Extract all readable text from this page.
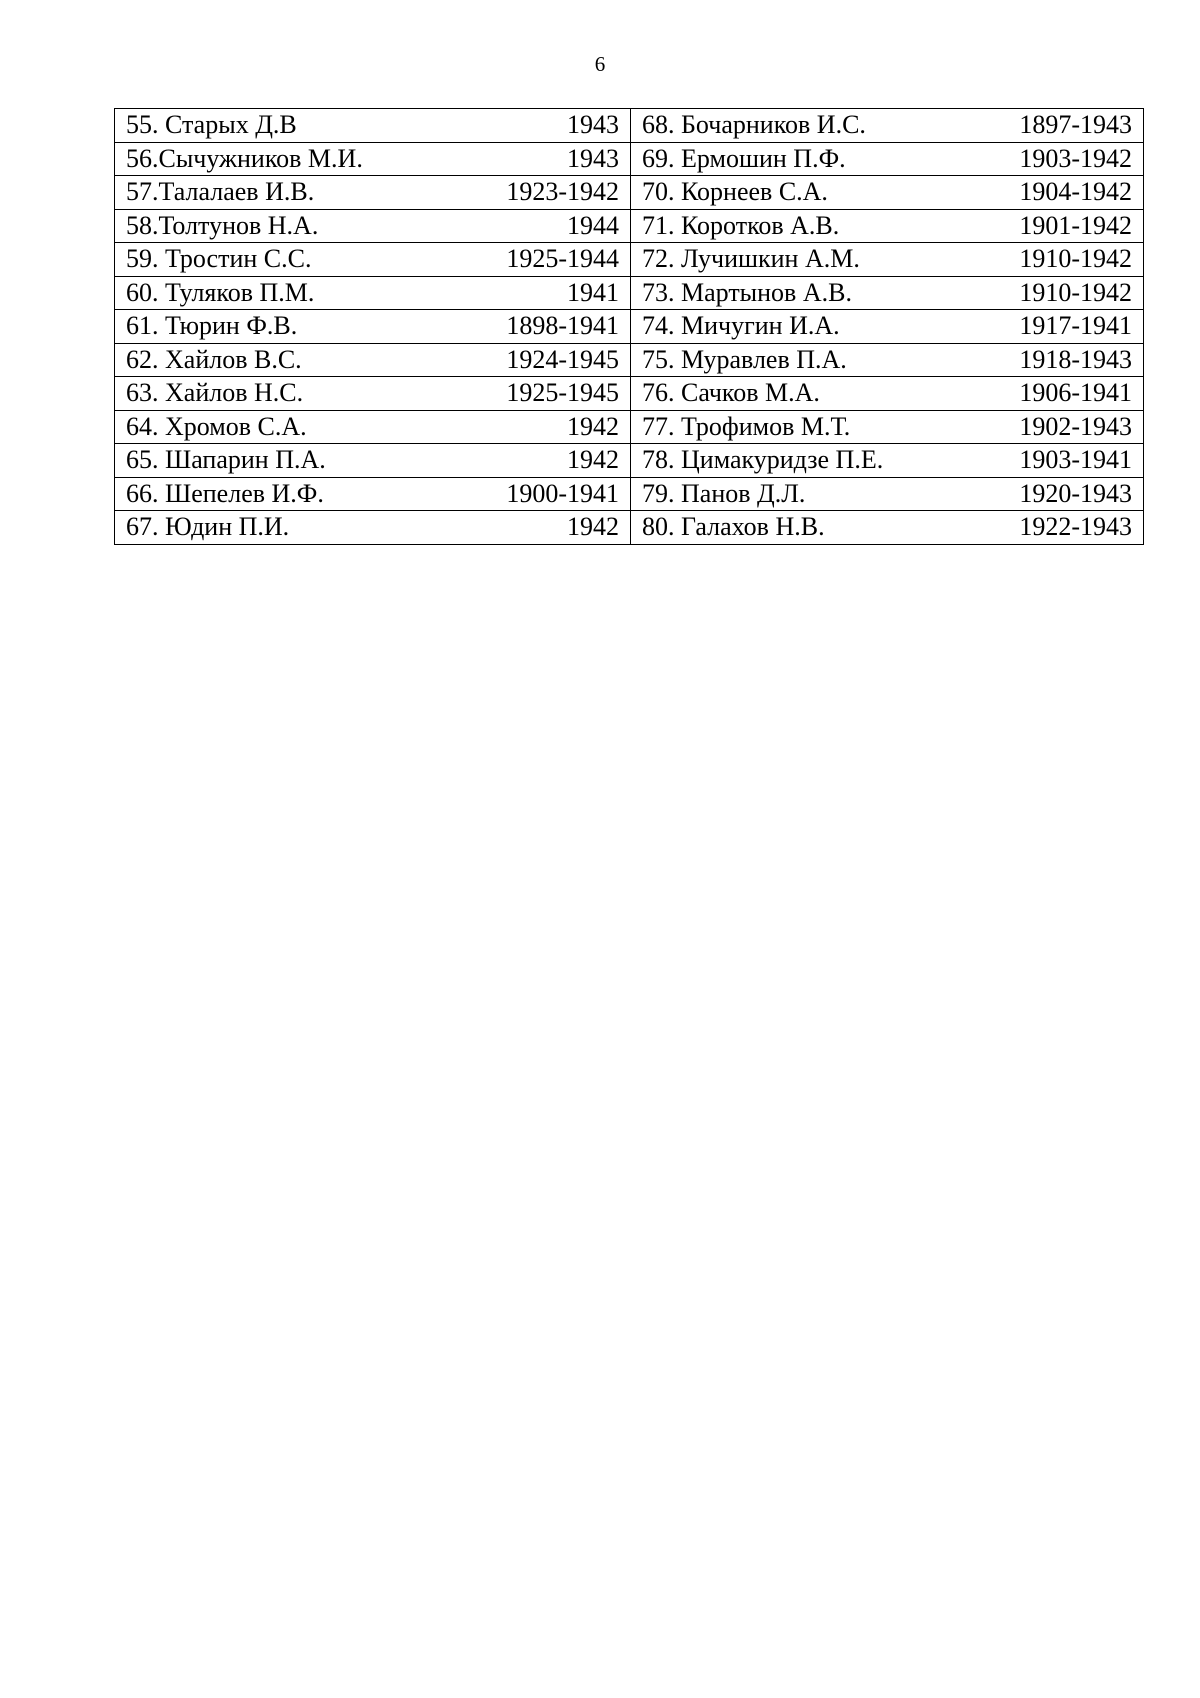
6
55. Старых Д.В 1943	68. Бочарников И.С. 1897-1943

56.Сычужников М.И. 1943	69. Ермошин П.Ф. 1903-1942

57.Талалаев И.В. 1923-1942	70. Корнеев С.А. 1904-1942

58.Толтунов Н.А. 1944	71. Коротков А.В. 1901-1942

59. Тростин С.С. 1925-1944	72. Лучишкин А.М. 1910-1942

60. Туляков П.М. 1941	73. Мартынов А.В. 1910-1942

61. Тюрин Ф.В. 1898-1941	74. Мичугин И.А. 1917-1941

62. Хайлов В.С. 1924-1945	75. Муравлев П.А. 1918-1943

63. Хайлов Н.С. 1925-1945	76. Сачков М.А. 1906-1941

64. Хромов С.А. 1942	77. Трофимов М.Т. 1902-1943

65. Шапарин П.А. 1942	78. Цимакуридзе П.Е. 1903-1941

66. Шепелев И.Ф. 1900-1941	79. Панов Д.Л. 1920-1943

67. Юдин П.И. 1942	80. Галахов Н.В. 1922-1943
